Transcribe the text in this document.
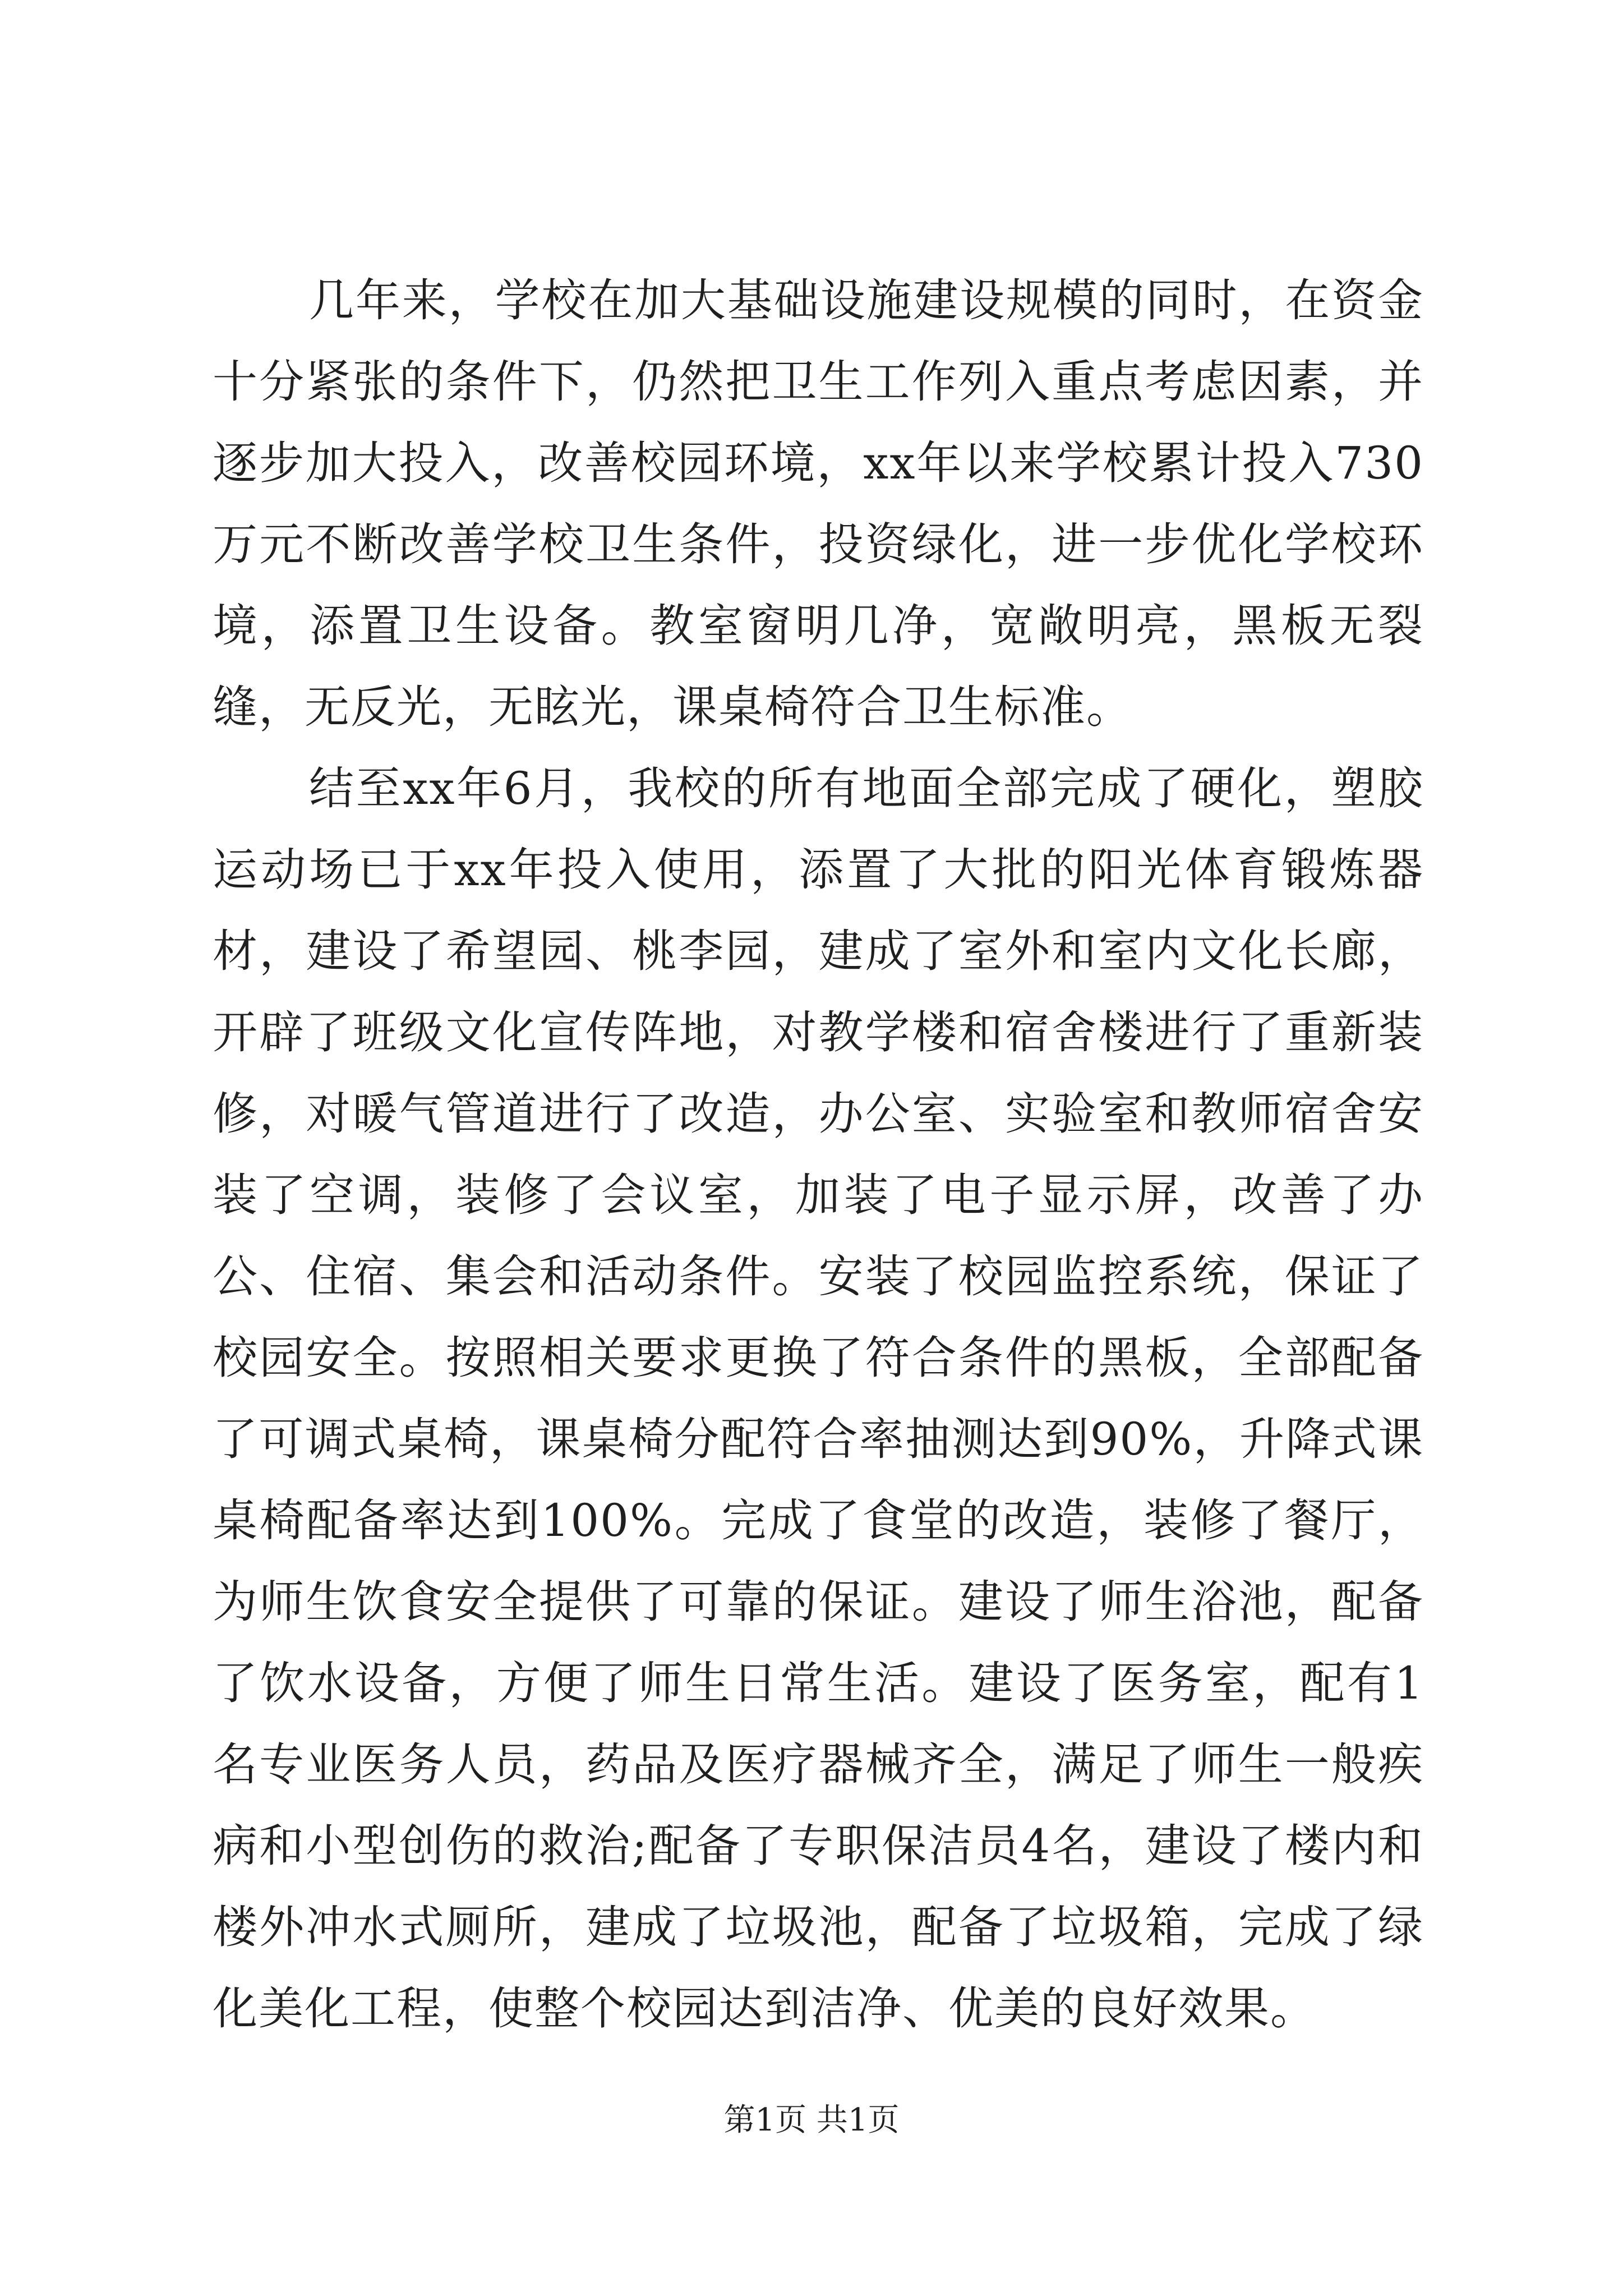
几年来，学校在加大基础设施建设规模的同时，在资金十分紧张的条件下，仍然把卫生工作列入重点考虑因素，并逐步加大投入，改善校园环境，xx年以来学校累计投入730万元不断改善学校卫生条件，投资绿化，进一步优化学校环境，添置卫生设备。教室窗明几净，宽敞明亮，黑板无裂缝，无反光，无眩光，课桌椅符合卫生标准。

结至xx年6月，我校的所有地面全部完成了硬化，塑胶运动场已于xx年投入使用，添置了大批的阳光体育锻炼器材，建设了希望园、桃李园，建成了室外和室内文化长廊，开辟了班级文化宣传阵地，对教学楼和宿舍楼进行了重新装修，对暖气管道进行了改造，办公室、实验室和教师宿舍安装了空调，装修了会议室，加装了电子显示屏，改善了办公、住宿、集会和活动条件。安装了校园监控系统，保证了校园安全。按照相关要求更换了符合条件的黑板，全部配备了可调式桌椅，课桌椅分配符合率抽测达到90%，升降式课桌椅配备率达到100%。完成了食堂的改造，装修了餐厅，为师生饮食安全提供了可靠的保证。建设了师生浴池，配备了饮水设备，方便了师生日常生活。建设了医务室，配有1名专业医务人员，药品及医疗器械齐全，满足了师生一般疾病和小型创伤的救治;配备了专职保洁员4名，建设了楼内和楼外冲水式厕所，建成了垃圾池，配备了垃圾箱，完成了绿化美化工程，使整个校园达到洁净、优美的良好效果。

第1页 共1页
